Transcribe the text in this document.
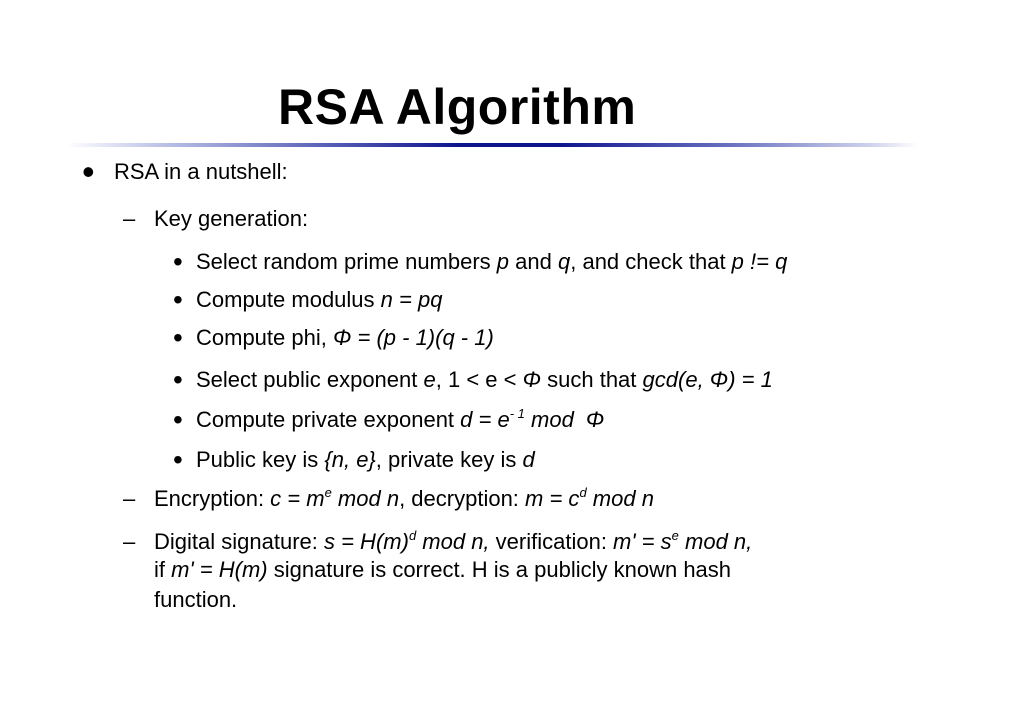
RSA Algorithm
• RSA in a nutshell:
– Key generation:
• Select random prime numbers p and q, and check that p != q
• Compute modulus n = pq
• Compute phi, Φ = (p - 1)(q - 1)
• Select public exponent e, 1 < e < Φ such that gcd(e, Φ) = 1
• Compute private exponent $d = e^{- 1}$ mod Φ
• Public key is {n, e}, private key is d
– Encryption: $c = m^e$ mod n, decryption: $m = c^d$ mod n
– Digital signature: $s = H(m)^d$ mod n, verification: $m' = s^e$ mod n,
if m' = H(m) signature is correct. H is a publicly known hash
function.
